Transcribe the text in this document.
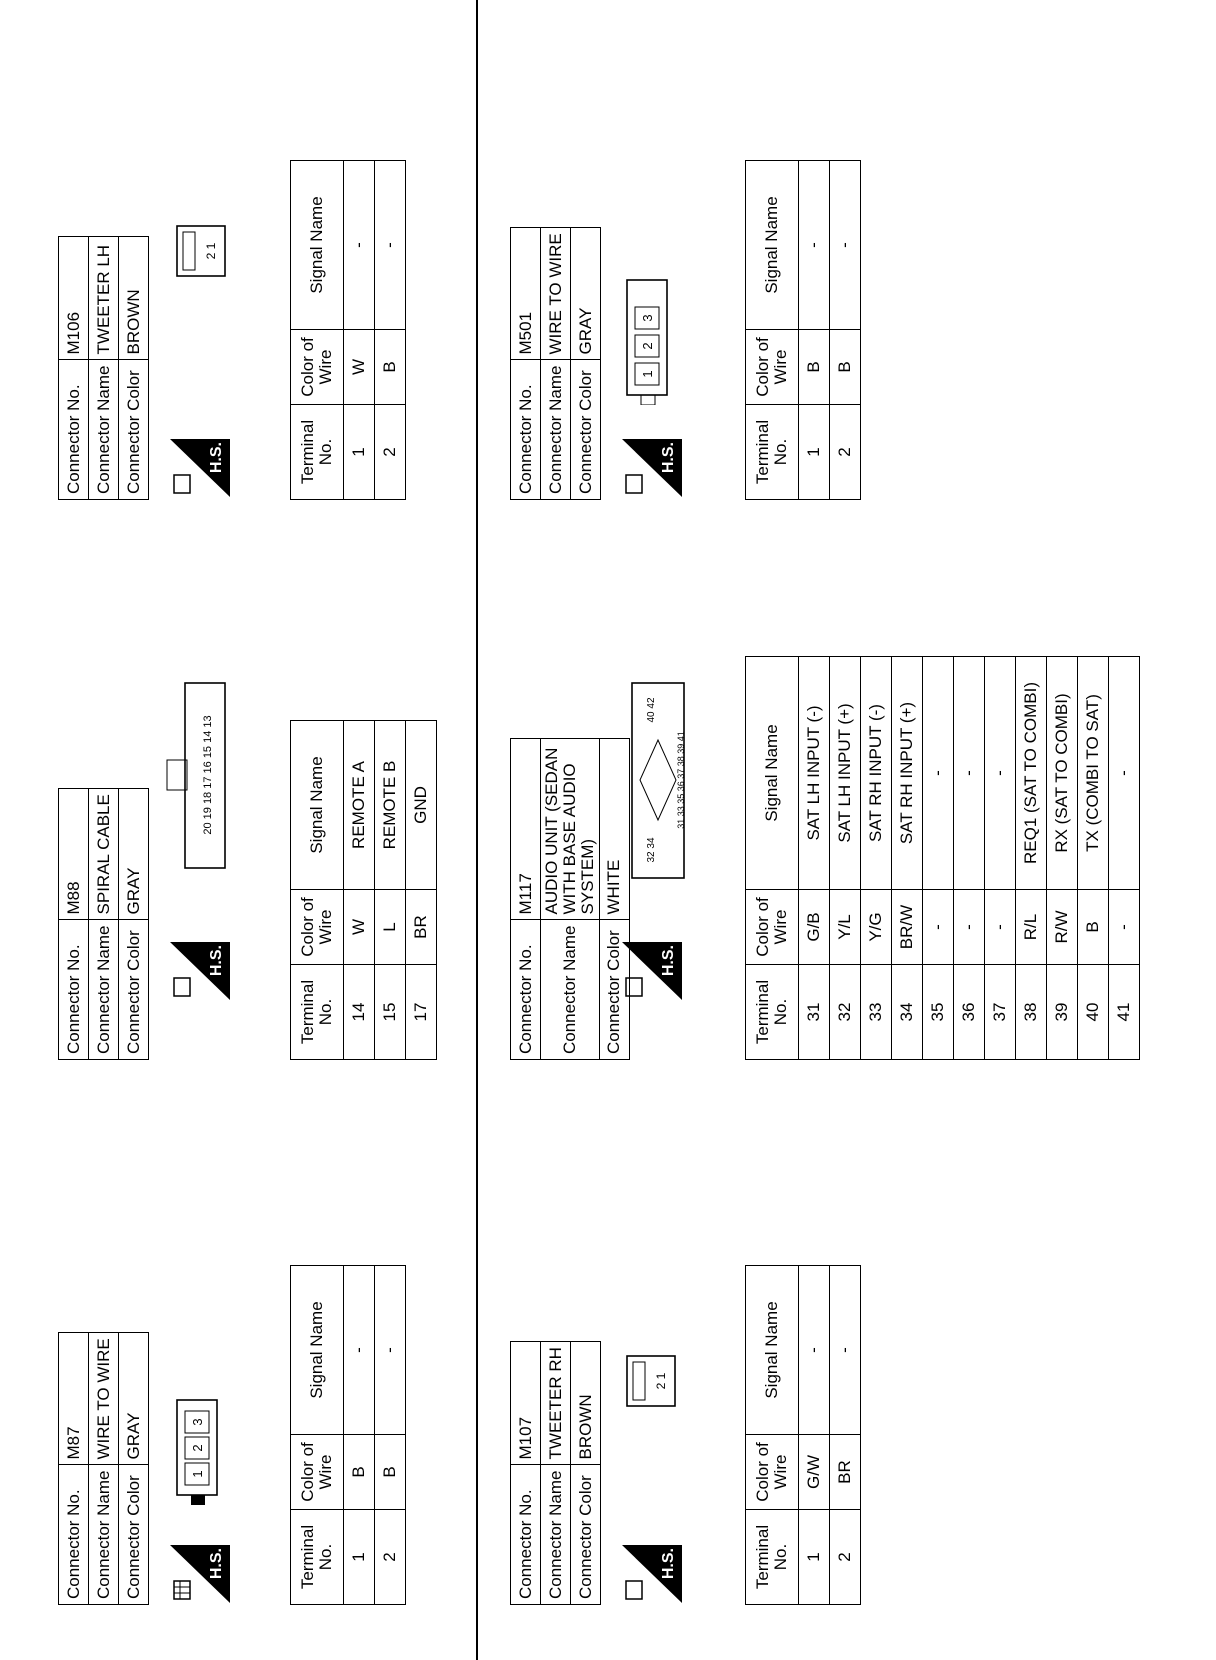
Connector No.	M87
Connector Name	WIRE TO WIRE
Connector Color	GRAY
H.S.
1
2
3
Terminal No.	Color of Wire	Signal Name
1	B	-
2	B	-
Connector No.	M88
Connector Name	SPIRAL CABLE
Connector Color	GRAY
H.S.
20 19 18 17 16 15 14 13
Terminal No.	Color of Wire	Signal Name
14	W	REMOTE A
15	L	REMOTE B
17	BR	GND
Connector No.	M106
Connector Name	TWEETER LH
Connector Color	BROWN
H.S.
2 1
Terminal No.	Color of Wire	Signal Name
1	W	-
2	B	-
Connector No.	M107
Connector Name	TWEETER RH
Connector Color	BROWN
H.S.
2 1
Terminal No.	Color of Wire	Signal Name
1	G/W	-
2	BR	-
Connector No.	M117
Connector Name	AUDIO UNIT (SEDAN WITH BASE AUDIO SYSTEM)
Connector Color	WHITE
H.S.
32 34
40 42
31 33 35 36 37 38 39 41
Terminal No.	Color of Wire	Signal Name
31	G/B	SAT LH INPUT (-)
32	Y/L	SAT LH INPUT (+)
33	Y/G	SAT RH INPUT (-)
34	BR/W	SAT RH INPUT (+)
35	-	-
36	-	-
37	-	-
38	R/L	REQ1 (SAT TO COMBI)
39	R/W	RX (SAT TO COMBI)
40	B	TX (COMBI TO SAT)
41	-	-
Connector No.	M501
Connector Name	WIRE TO WIRE
Connector Color	GRAY
H.S.
1
2
3
Terminal No.	Color of Wire	Signal Name
1	B	-
2	B	-
